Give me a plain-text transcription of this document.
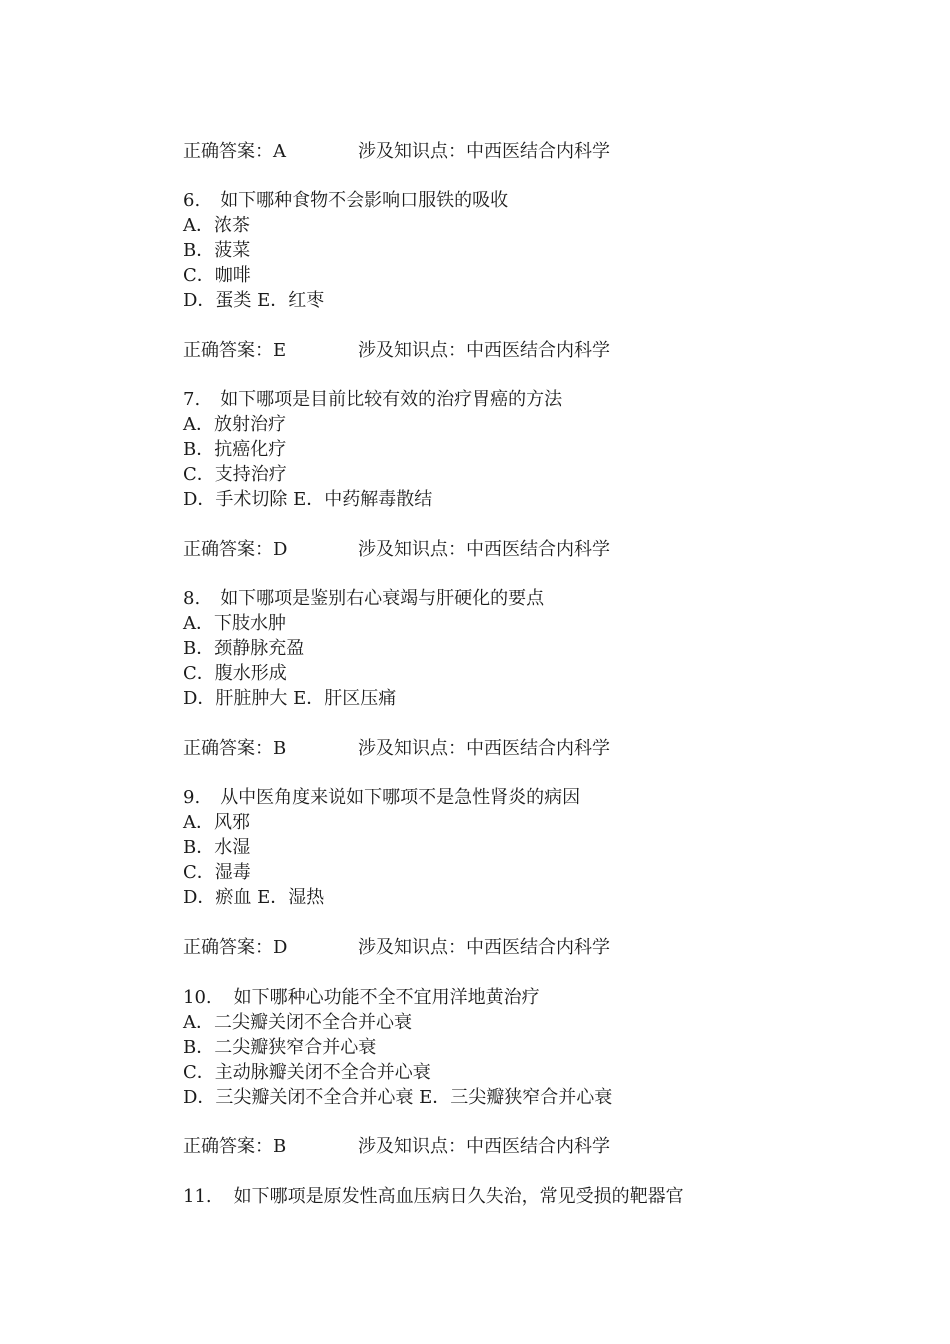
正确答案：A	涉及知识点：中西医结合内科学
6. 如下哪种食物不会影响口服铁的吸收
A．浓茶
B．菠菜
C．咖啡
D．蛋类 E．红枣
正确答案：E	涉及知识点：中西医结合内科学
7. 如下哪项是目前比较有效的治疗胃癌的方法
A．放射治疗
B．抗癌化疗
C．支持治疗
D．手术切除 E．中药解毒散结
正确答案：D	涉及知识点：中西医结合内科学
8. 如下哪项是鉴别右心衰竭与肝硬化的要点
A．下肢水肿
B．颈静脉充盈
C．腹水形成
D．肝脏肿大 E．肝区压痛
正确答案：B	涉及知识点：中西医结合内科学
9. 从中医角度来说如下哪项不是急性肾炎的病因
A．风邪
B．水湿
C．湿毒
D．瘀血 E．湿热
正确答案：D	涉及知识点：中西医结合内科学
10. 如下哪种心功能不全不宜用洋地黄治疗
A．二尖瓣关闭不全合并心衰
B．二尖瓣狭窄合并心衰
C．主动脉瓣关闭不全合并心衰
D．三尖瓣关闭不全合并心衰 E．三尖瓣狭窄合并心衰
正确答案：B	涉及知识点：中西医结合内科学
11. 如下哪项是原发性高血压病日久失治，常见受损的靶器官
